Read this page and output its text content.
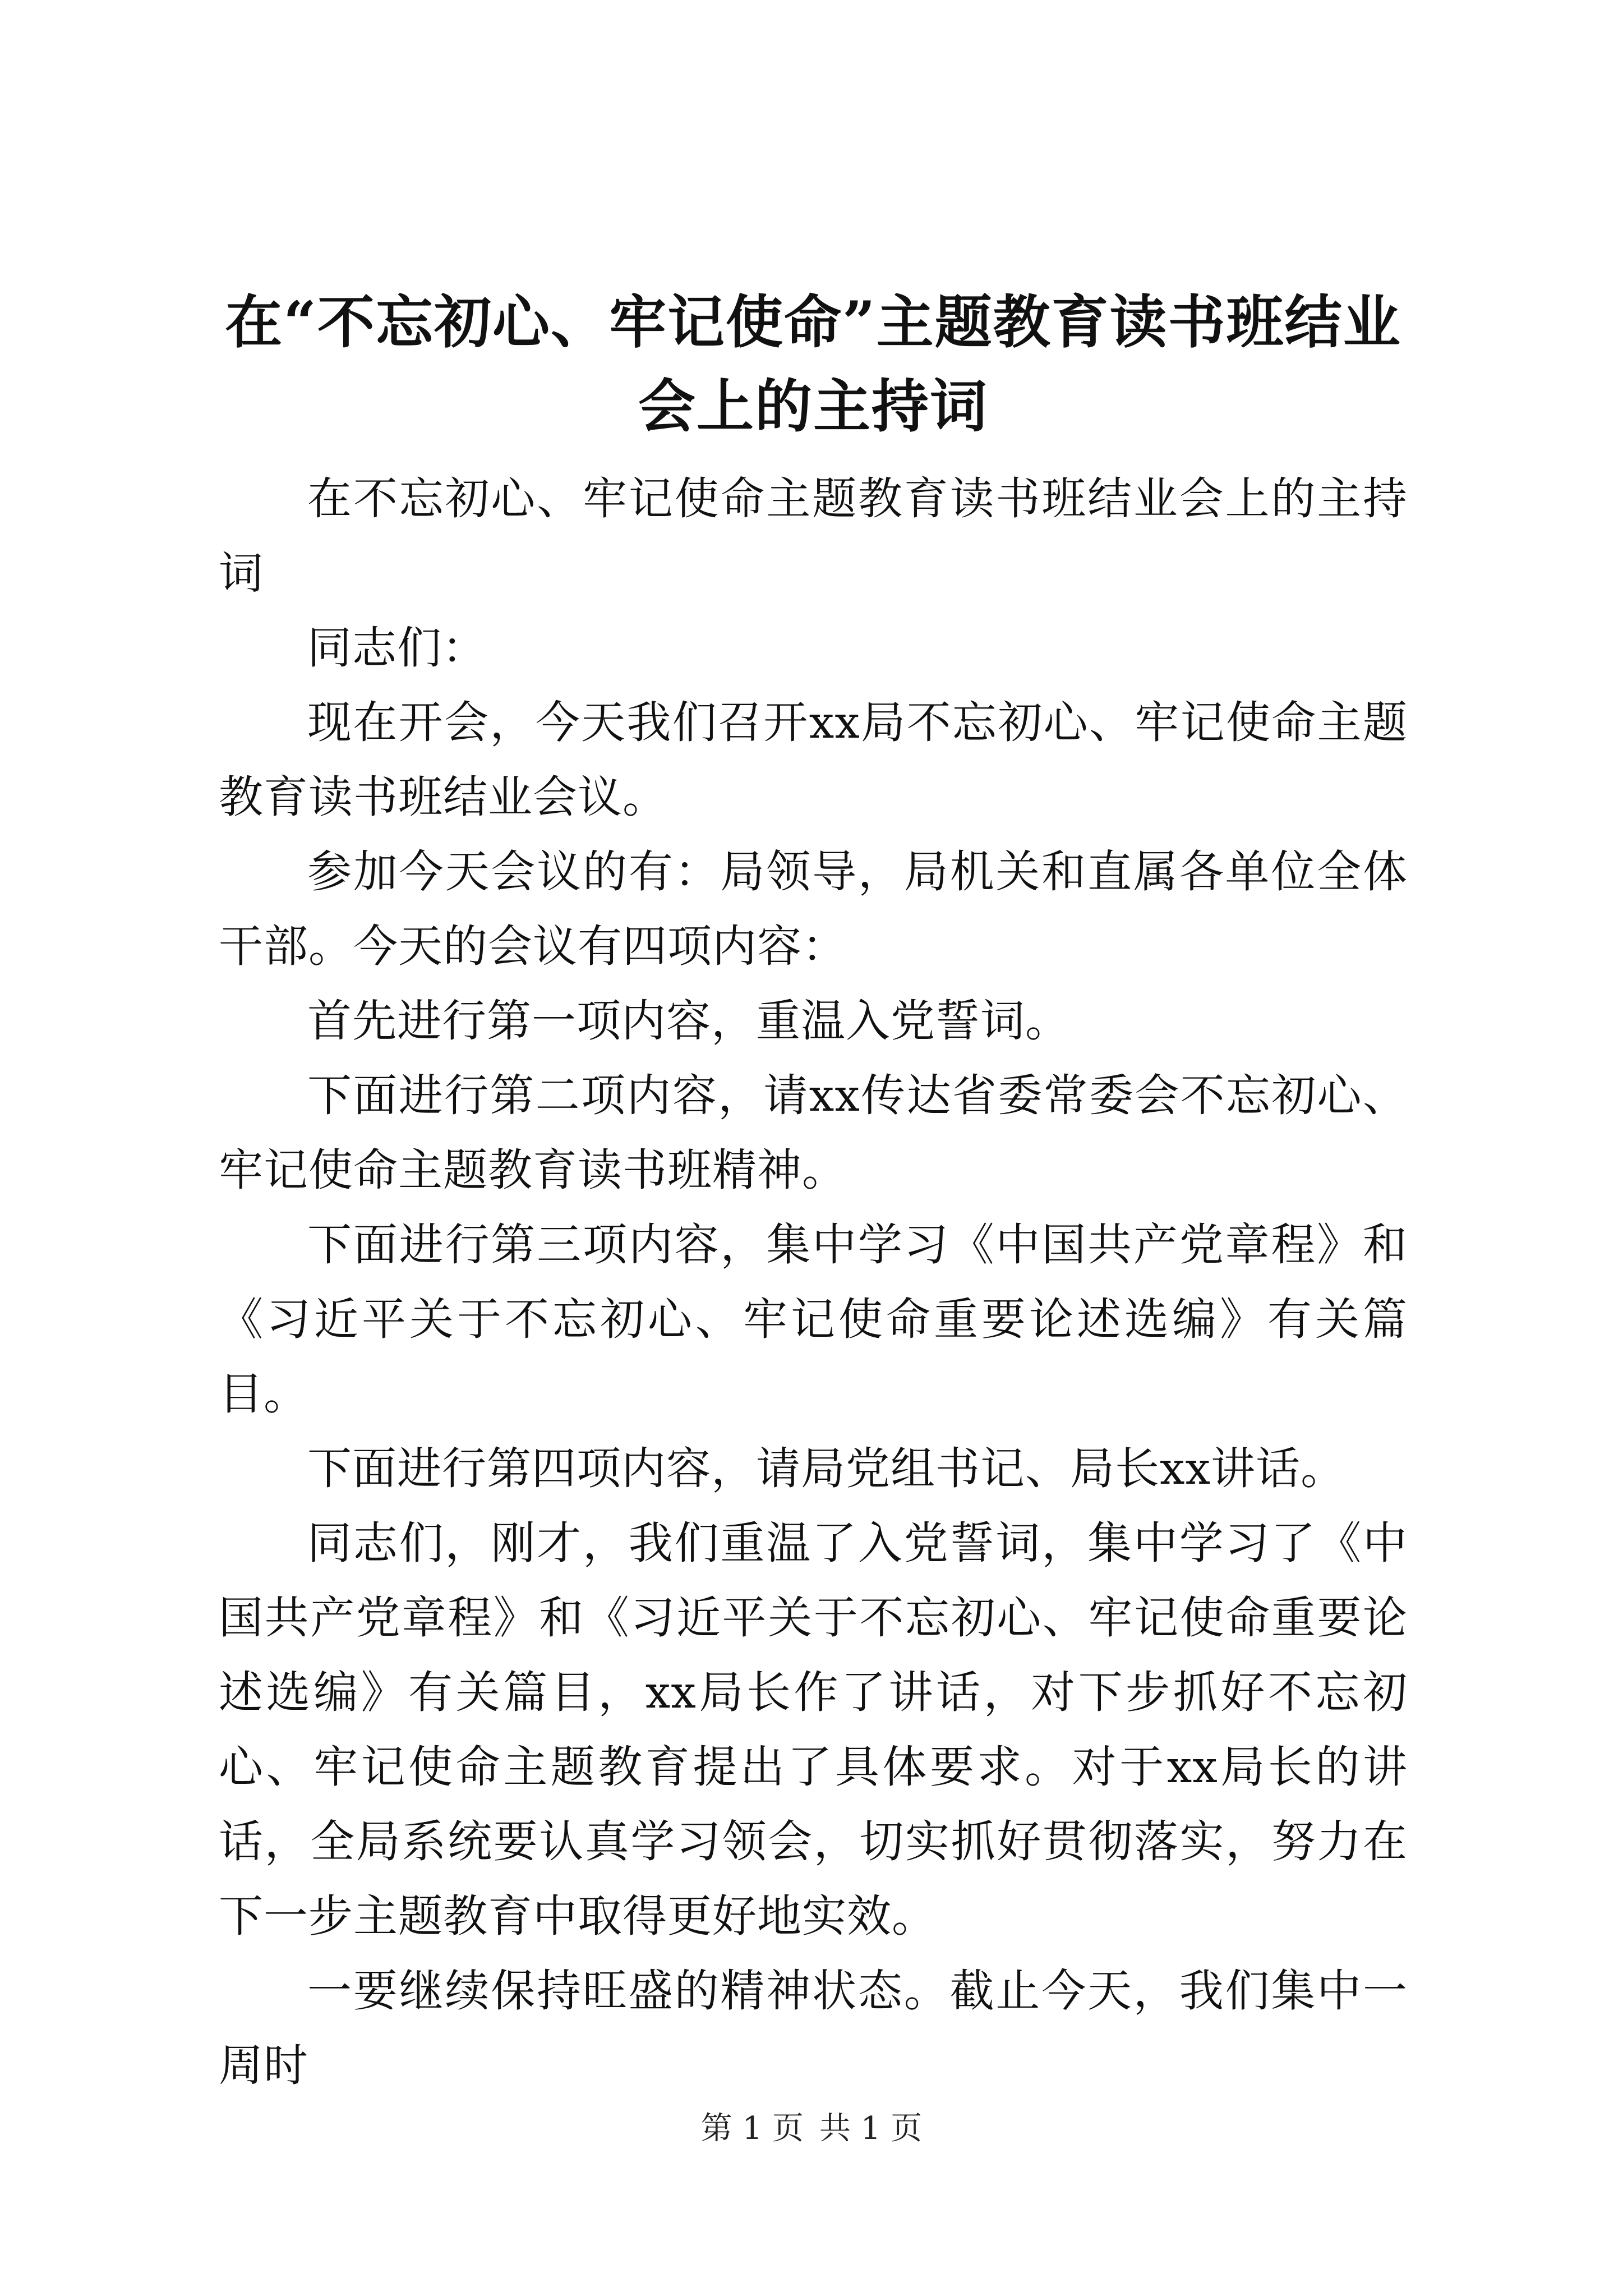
在“不忘初心、牢记使命”主题教育读书班结业会上的主持词

在不忘初心、牢记使命主题教育读书班结业会上的主持词

同志们：

现在开会，今天我们召开xx局不忘初心、牢记使命主题教育读书班结业会议。

参加今天会议的有：局领导，局机关和直属各单位全体干部。今天的会议有四项内容：

首先进行第一项内容，重温入党誓词。

下面进行第二项内容，请xx传达省委常委会不忘初心、牢记使命主题教育读书班精神。

下面进行第三项内容，集中学习《中国共产党章程》和《习近平关于不忘初心、牢记使命重要论述选编》有关篇目。

下面进行第四项内容，请局党组书记、局长xx讲话。

同志们，刚才，我们重温了入党誓词，集中学习了《中国共产党章程》和《习近平关于不忘初心、牢记使命重要论述选编》有关篇目，xx局长作了讲话，对下步抓好不忘初心、牢记使命主题教育提出了具体要求。对于xx局长的讲话，全局系统要认真学习领会，切实抓好贯彻落实，努力在下一步主题教育中取得更好地实效。

一要继续保持旺盛的精神状态。截止今天，我们集中一周时

第 1 页 共 1 页
